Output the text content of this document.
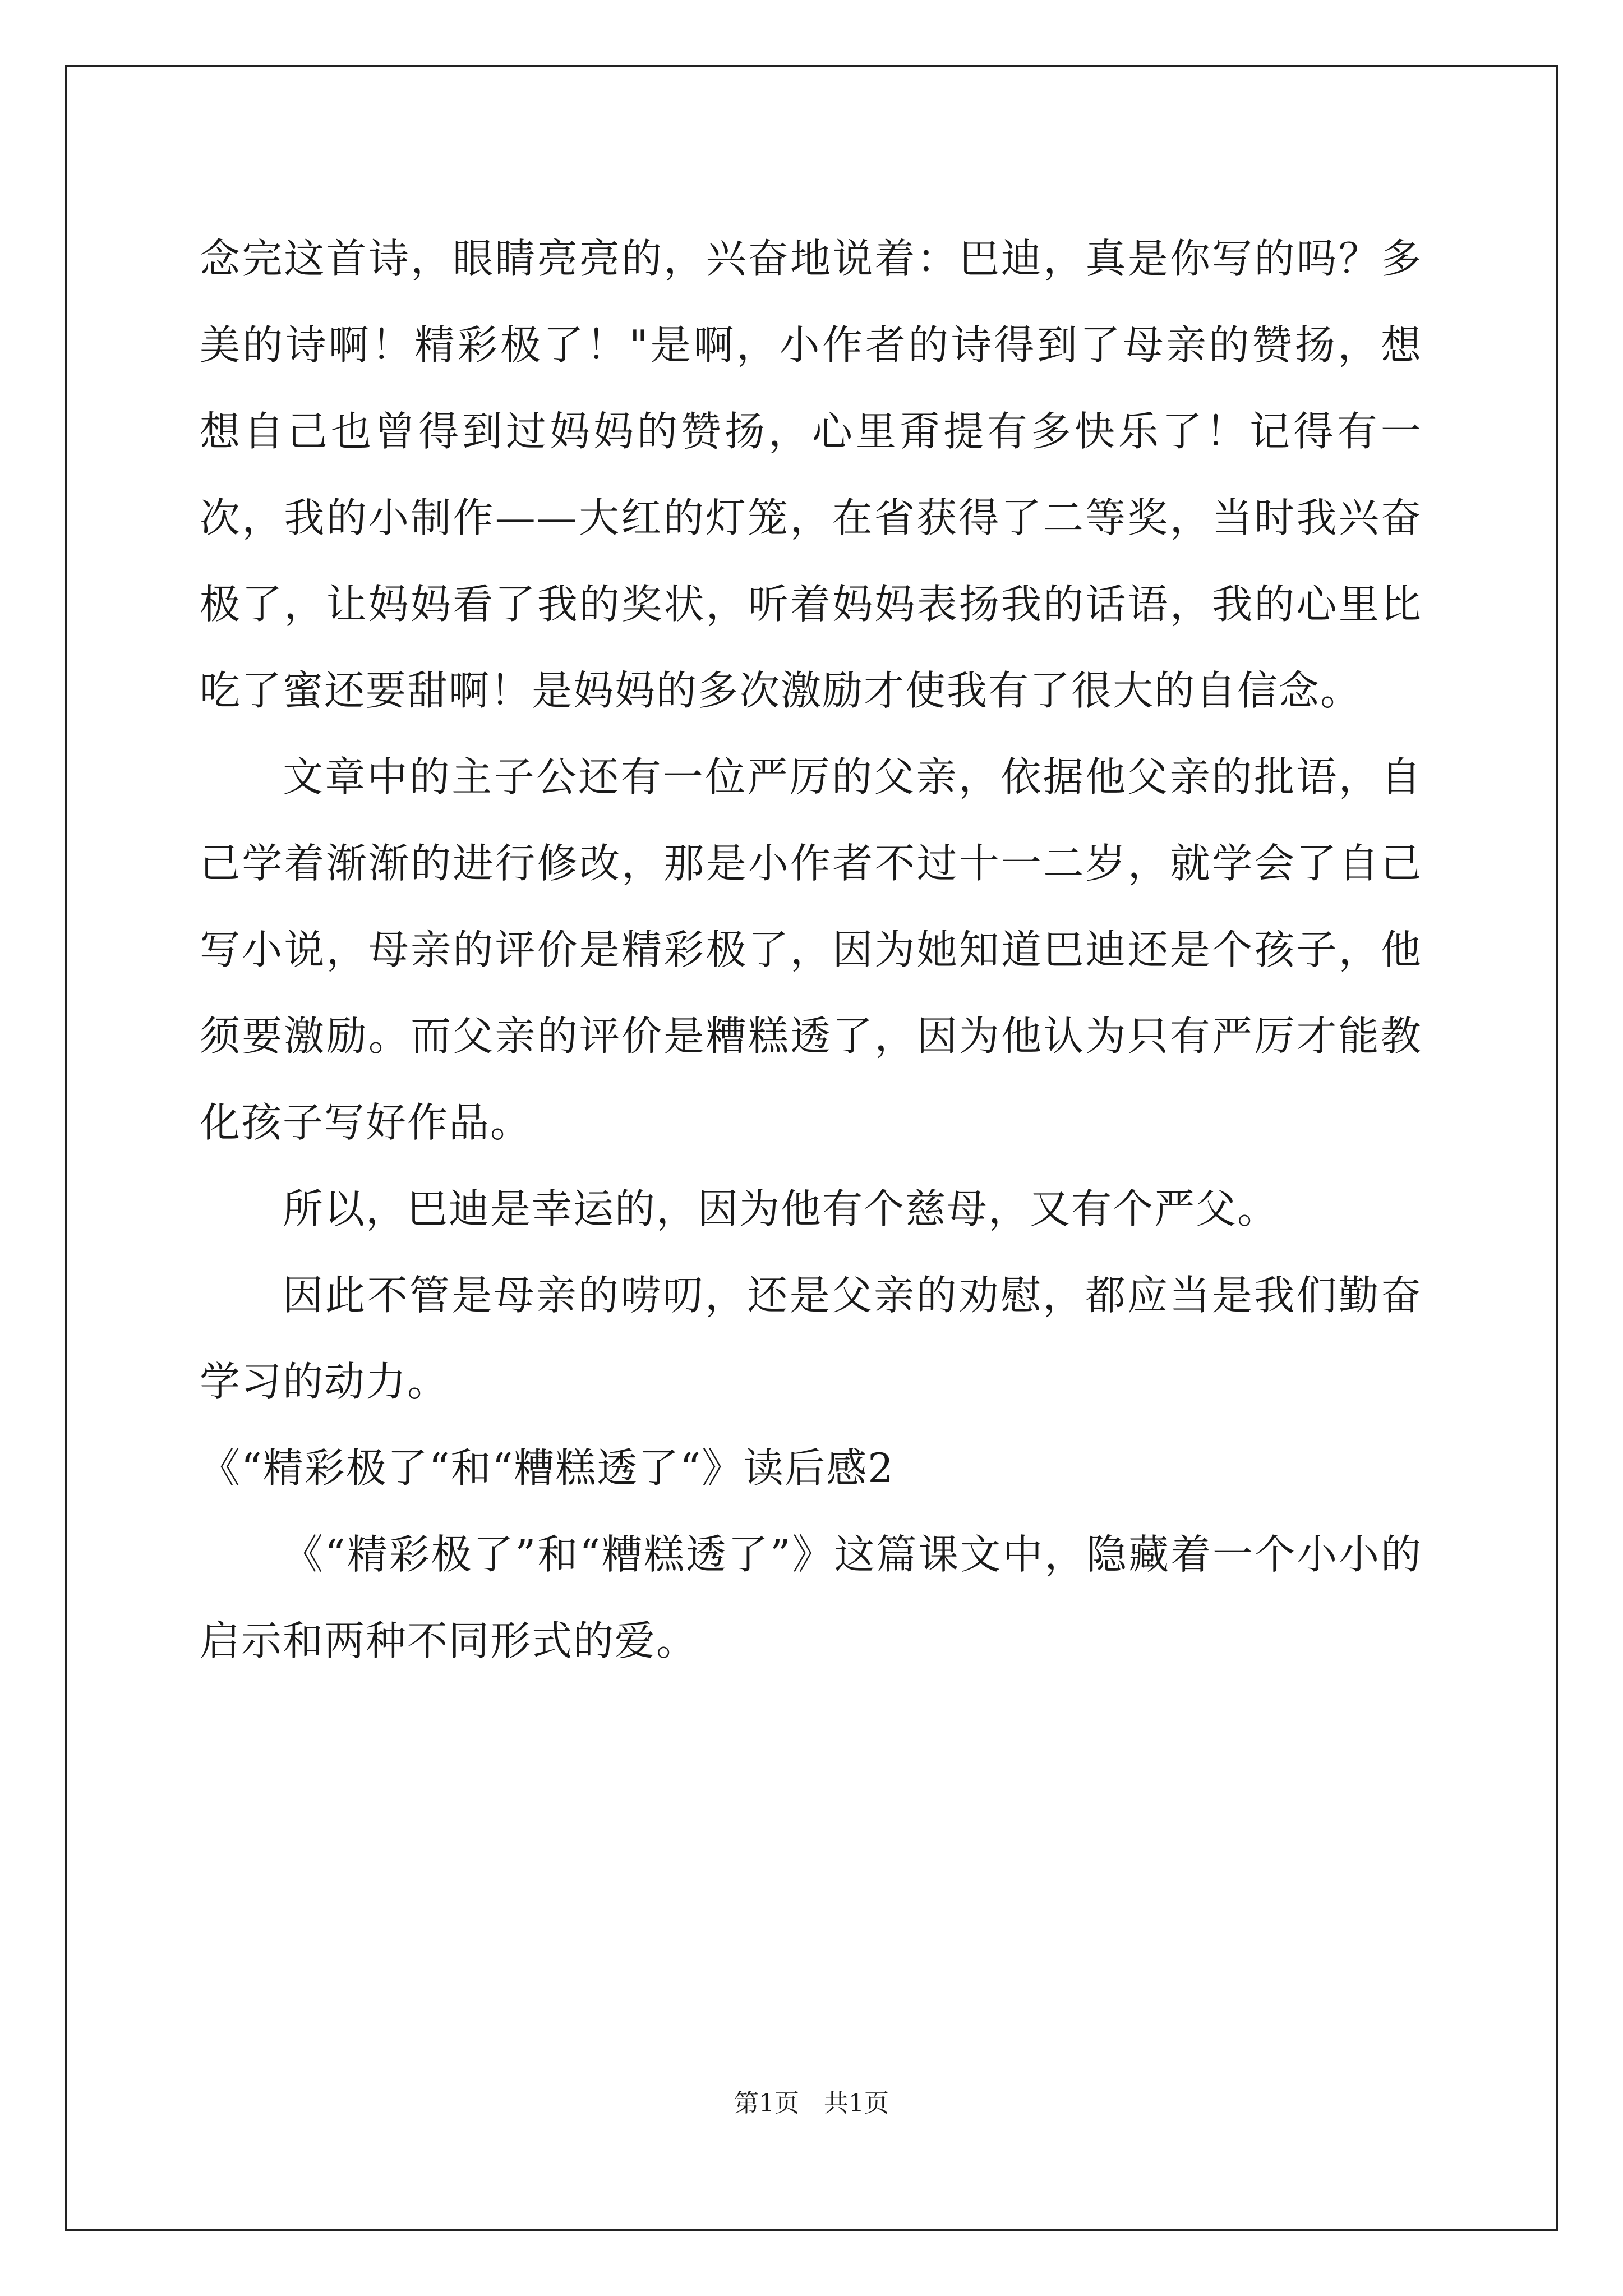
念完这首诗，眼睛亮亮的，兴奋地说着：巴迪，真是你写的吗？多美的诗啊！精彩极了！"是啊，小作者的诗得到了母亲的赞扬，想想自己也曾得到过妈妈的赞扬，心里甭提有多快乐了！记得有一次，我的小制作——大红的灯笼，在省获得了二等奖，当时我兴奋极了，让妈妈看了我的奖状，听着妈妈表扬我的话语，我的心里比吃了蜜还要甜啊！是妈妈的多次激励才使我有了很大的自信念。

文章中的主子公还有一位严厉的父亲，依据他父亲的批语，自己学着渐渐的进行修改，那是小作者不过十一二岁，就学会了自己写小说，母亲的评价是精彩极了，因为她知道巴迪还是个孩子，他须要激励。而父亲的评价是糟糕透了，因为他认为只有严厉才能教化孩子写好作品。

所以，巴迪是幸运的，因为他有个慈母，又有个严父。

因此不管是母亲的唠叨，还是父亲的劝慰，都应当是我们勤奋学习的动力。

《“精彩极了“和“糟糕透了“》读后感2

《“精彩极了”和“糟糕透了”》这篇课文中，隐藏着一个小小的启示和两种不同形式的爱。

第1页　共1页
